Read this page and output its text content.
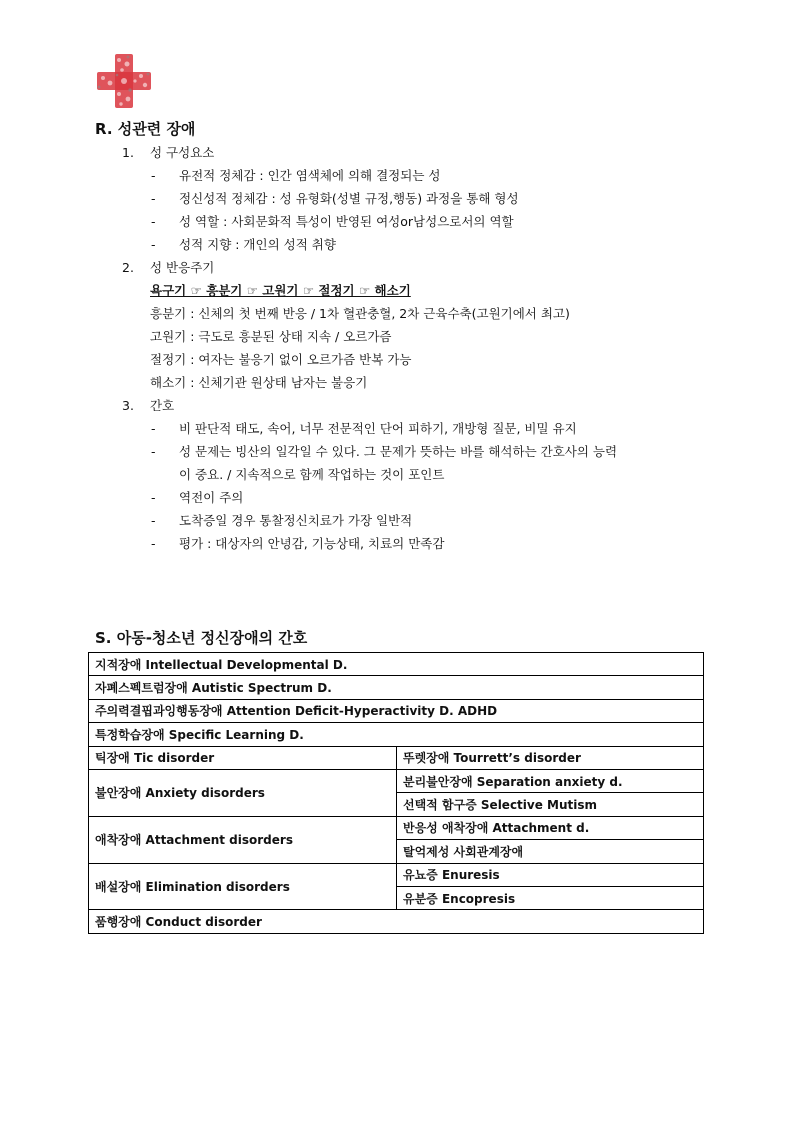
R. 성관련 장애
1. 성 구성요소
- 유전적 정체감 : 인간 염색체에 의해 결정되는 성
- 정신성적 정체감 : 성 유형화(성별 규정,행동) 과정을 통해 형성
- 성 역할 : 사회문화적 특성이 반영된 여성or남성으로서의 역할
- 성적 지향 : 개인의 성적 취향
2. 성 반응주기
욕구기 ☞ 흥분기 ☞ 고원기 ☞ 절정기 ☞ 해소기
흥분기 : 신체의 첫 번째 반응 / 1차 혈관충혈, 2차 근육수축(고원기에서 최고)
고원기 : 극도로 흥분된 상태 지속 / 오르가즘
절정기 : 여자는 불응기 없이 오르가즘 반복 가능
해소기 : 신체기관 원상태 남자는 불응기
3. 간호
- 비 판단적 태도, 속어, 너무 전문적인 단어 피하기, 개방형 질문, 비밀 유지
- 성 문제는 빙산의 일각일 수 있다. 그 문제가 뜻하는 바를 해석하는 간호사의 능력
이 중요. / 지속적으로 함께 작업하는 것이 포인트
- 역전이 주의
- 도착증일 경우 통찰정신치료가 가장 일반적
- 평가 : 대상자의 안녕감, 기능상태, 치료의 만족감
S. 아동-청소년 정신장애의 간호
지적장애 Intellectual Developmental D.	
자폐스펙트럼장애 Autistic Spectrum D.	
주의력결핍과잉행동장애 Attention Deficit-Hyperactivity D. ADHD	
특정학습장애 Specific Learning D.	
틱장애 Tic disorder	뚜렛장애 Tourrett’s disorder
불안장애 Anxiety disorders	분리불안장애 Separation anxiety d.
	선택적 함구증 Selective Mutism
애착장애 Attachment disorders	반응성 애착장애 Attachment d.
	탈억제성 사회관계장애
배설장애 Elimination disorders	유뇨증 Enuresis
	유분증 Encopresis
품행장애 Conduct disorder	
